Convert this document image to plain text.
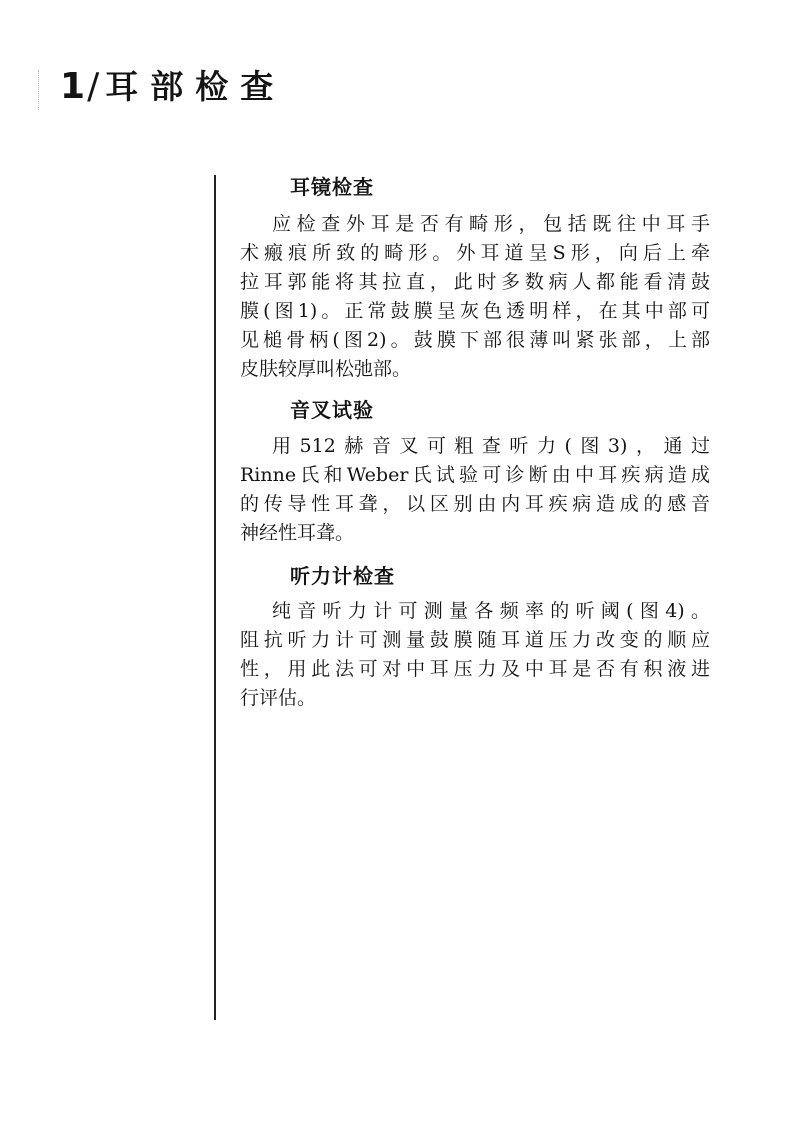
1/ 耳部检查
耳镜检查
应检查外耳是否有畸形，包括既往中耳手
术瘢痕所致的畸形。外耳道呈S形，向后上牵
拉耳郭能将其拉直，此时多数病人都能看清鼓
膜(图1)。正常鼓膜呈灰色透明样，在其中部可
见槌骨柄(图2)。鼓膜下部很薄叫紧张部，上部
皮肤较厚叫松弛部。
音叉试验
用512赫音叉可粗查听力(图3)，通过
Rinne氏和Weber氏试验可诊断由中耳疾病造成
的传导性耳聋，以区别由内耳疾病造成的感音
神经性耳聋。
听力计检查
纯音听力计可测量各频率的听阈(图4)。
阻抗听力计可测量鼓膜随耳道压力改变的顺应
性，用此法可对中耳压力及中耳是否有积液进
行评估。
